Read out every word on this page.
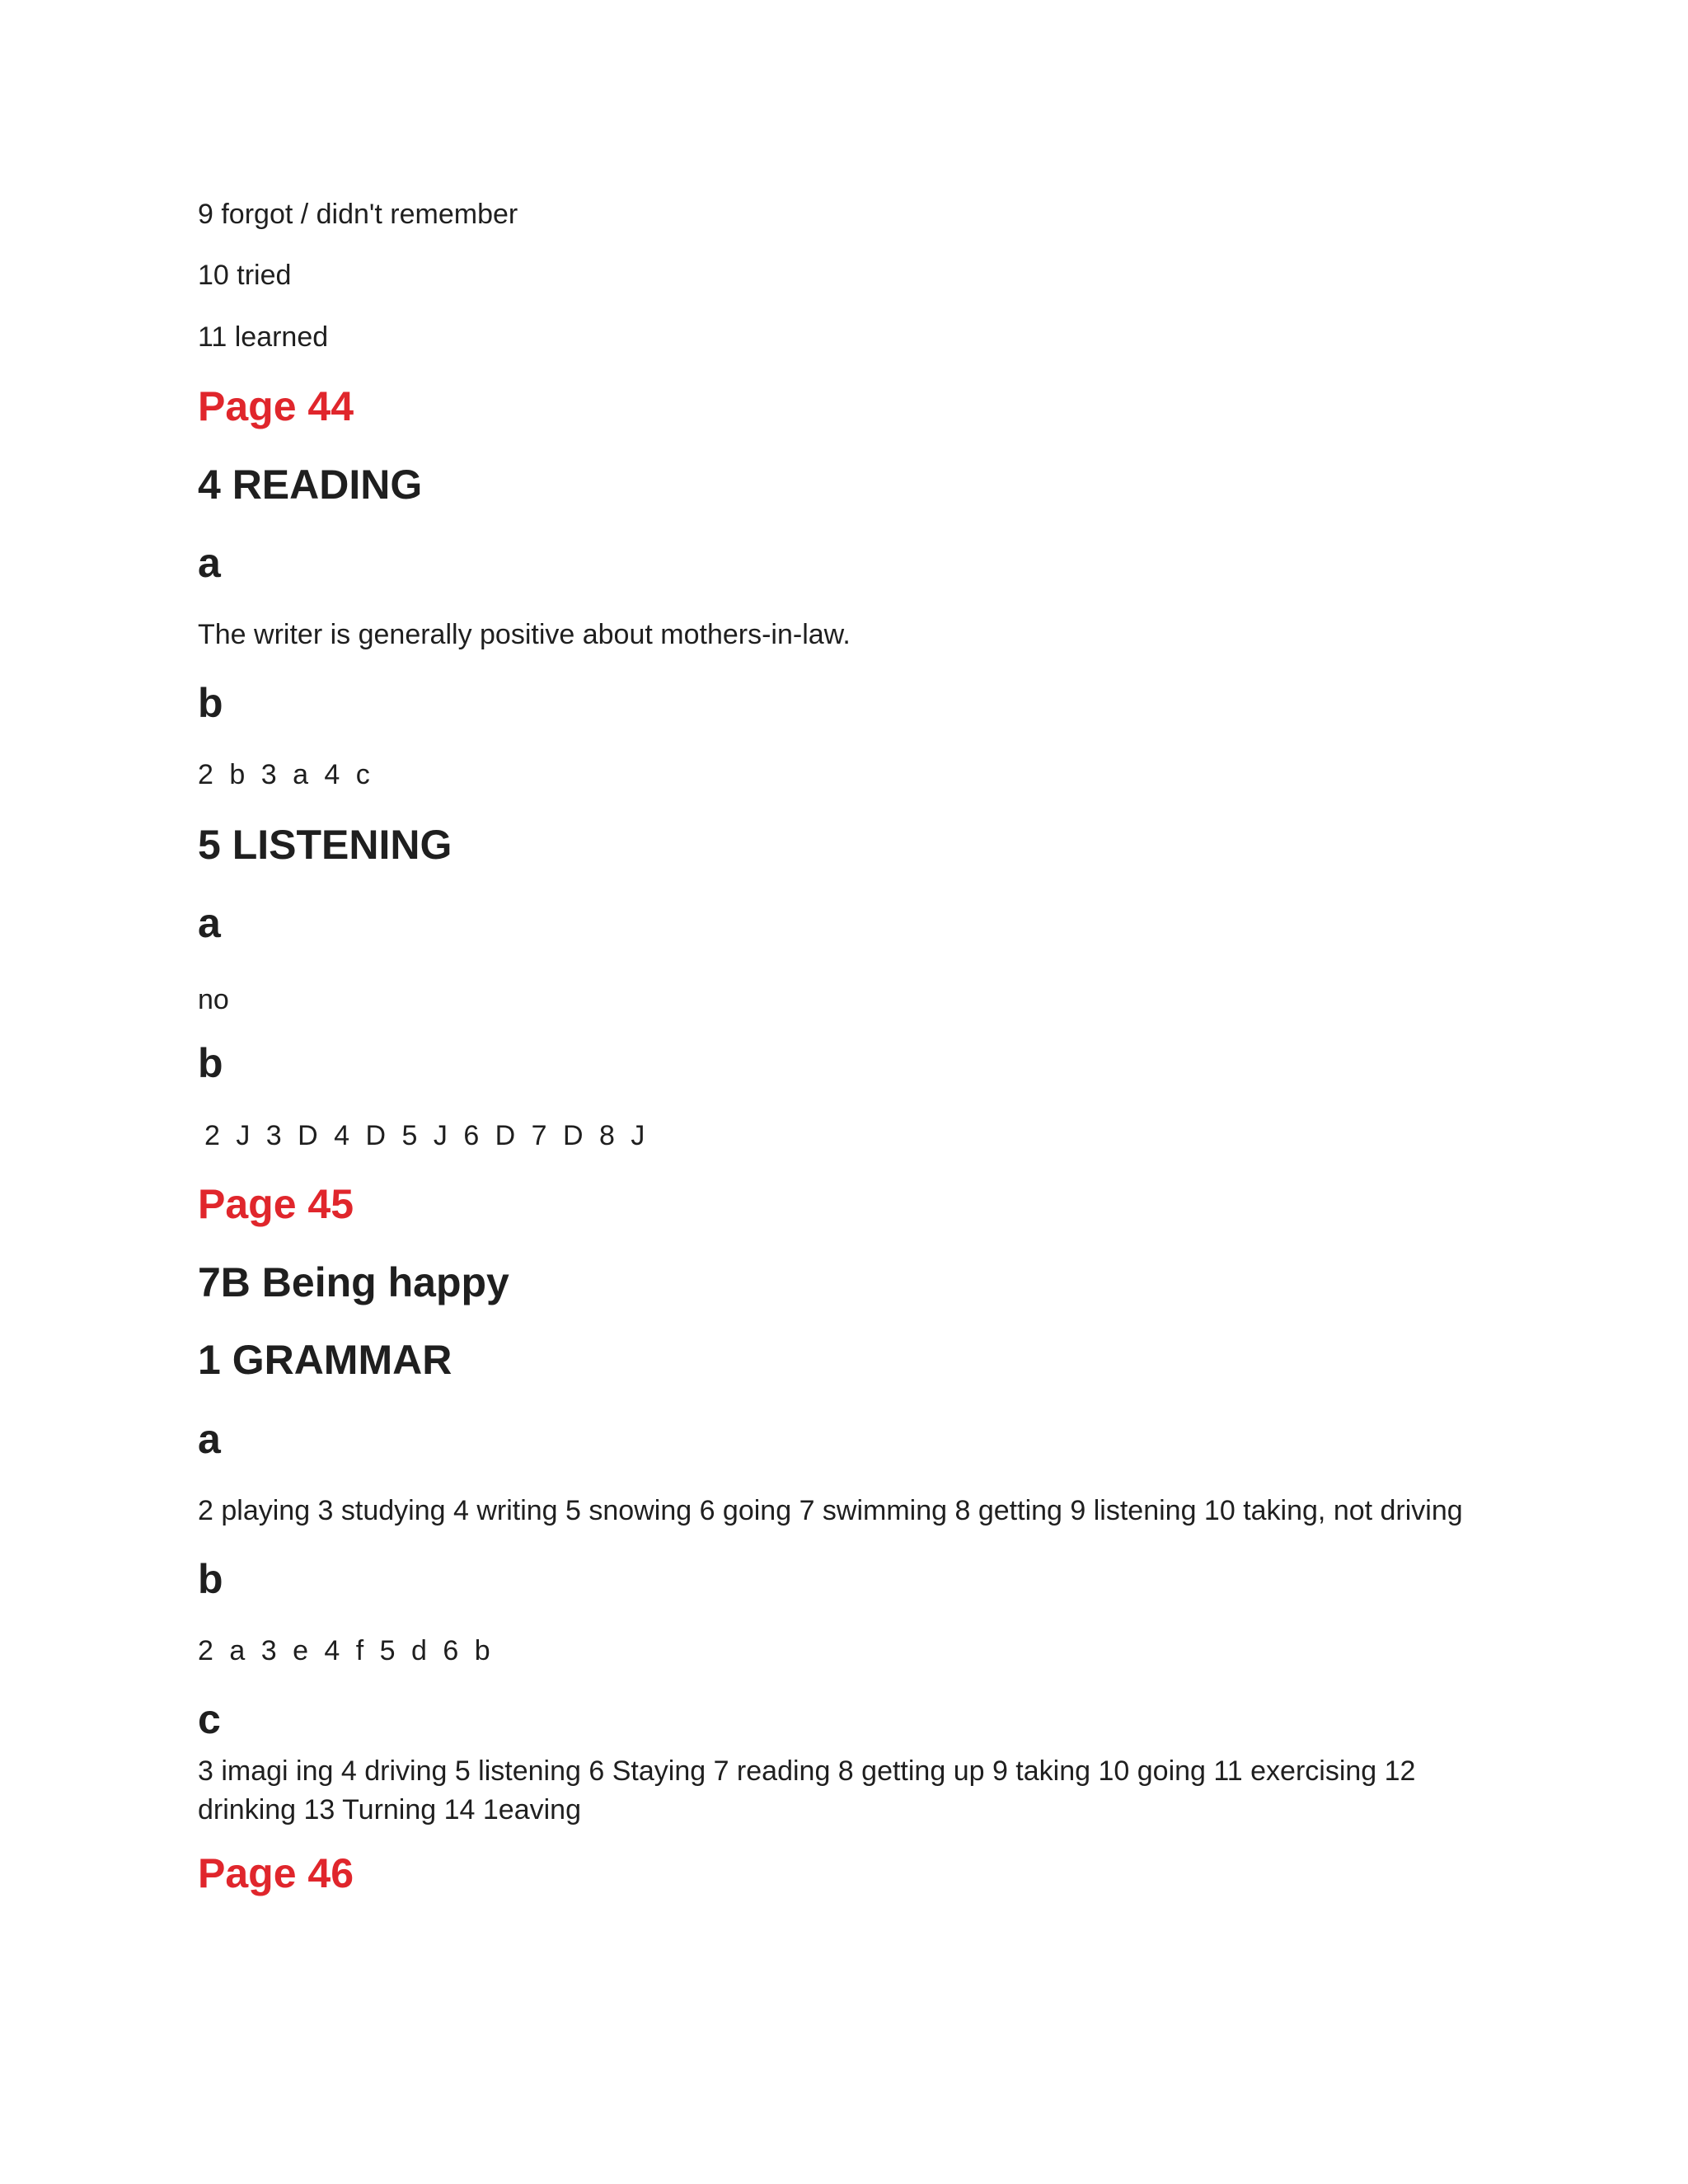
9 forgot / didn't remember

10 tried

11 learned

Page 44

4 READING

a

The writer is generally positive about mothers-in-law.

b

2 b 3 a 4 c

5 LISTENING

a

no

b

2 J 3 D 4 D 5 J 6 D 7 D 8 J

Page 45

7B Being happy

1 GRAMMAR

a

2 playing 3 studying 4 writing 5 snowing 6 going 7 swimming 8 getting 9 listening 10 taking, not driving

b

2 a 3 e 4 f 5 d 6 b

c

3 imagi ing 4 driving 5 listening 6 Staying 7 reading 8 getting up 9 taking 10 going 11 exercising 12 drinking 13 Turning 14 1eaving

Page 46
